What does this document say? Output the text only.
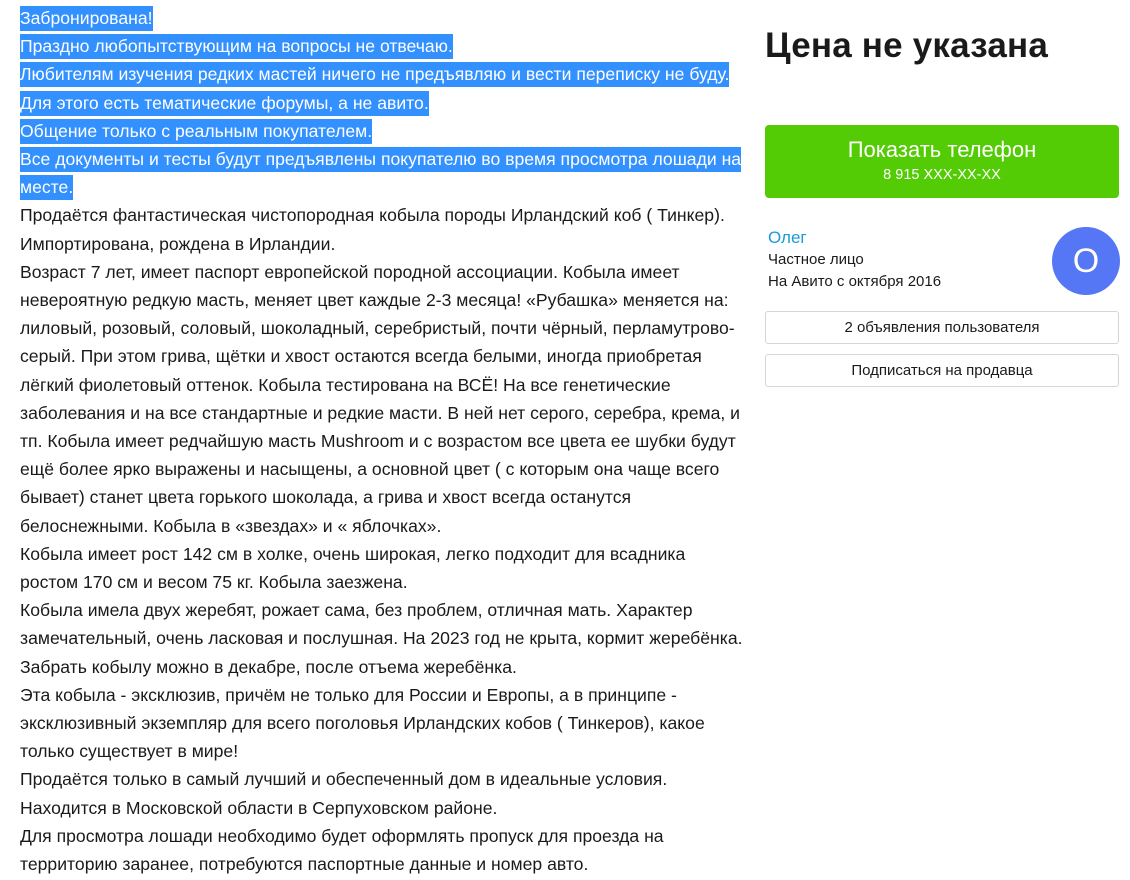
Забронирована!

Праздно любопытствующим на вопросы не отвечаю.

Любителям изучения редких мастей ничего не предъявляю и вести переписку не буду. Для этого есть тематические форумы, а не авито.

Общение только с реальным покупателем.

Все документы и тесты будут предъявлены покупателю во время просмотра лошади на месте.

Продаётся фантастическая чистопородная кобыла породы Ирландский коб ( Тинкер). Импортирована, рождена в Ирландии.

Возраст 7 лет, имеет паспорт европейской породной ассоциации. Кобыла имеет невероятную редкую масть, меняет цвет каждые 2-3 месяца! «Рубашка» меняется на: лиловый, розовый, соловый, шоколадный, серебристый, почти чёрный, перламутрово-серый. При этом грива, щётки и хвост остаются всегда белыми, иногда приобретая лёгкий фиолетовый оттенок. Кобыла тестирована на ВСЁ! На все генетические заболевания и на все стандартные и редкие масти. В ней нет серого, серебра, крема, и тп. Кобыла имеет редчайшую масть Mushroom и с возрастом все цвета ее шубки будут ещё более ярко выражены и насыщены, а основной цвет ( с которым она чаще всего бывает) станет цвета горького шоколада, а грива и хвост всегда останутся белоснежными. Кобыла в «звездах» и « яблочках».

Кобыла имеет рост 142 см в холке, очень широкая, легко подходит для всадника ростом 170 см и весом 75 кг. Кобыла заезжена.

Кобыла имела двух жеребят, рожает сама, без проблем, отличная мать. Характер замечательный, очень ласковая и послушная. На 2023 год не крыта, кормит жеребёнка. Забрать кобылу можно в декабре, после отъема жеребёнка.

Эта кобыла - эксклюзив, причём не только для России и Европы, а в принципе - эксклюзивный экземпляр для всего поголовья Ирландских кобов ( Тинкеров), какое только существует в мире!

Продаётся только в самый лучший и обеспеченный дом в идеальные условия.

Находится в Московской области в Серпуховском районе.

Для просмотра лошади необходимо будет оформлять пропуск для проезда на территорию заранее, потребуются паспортные данные и номер авто.

Цена не указана
Показать телефон
8 915 XXX-XX-XX
Олег
Частное лицо
На Авито с октября 2016
О
2 объявления пользователя
Подписаться на продавца
